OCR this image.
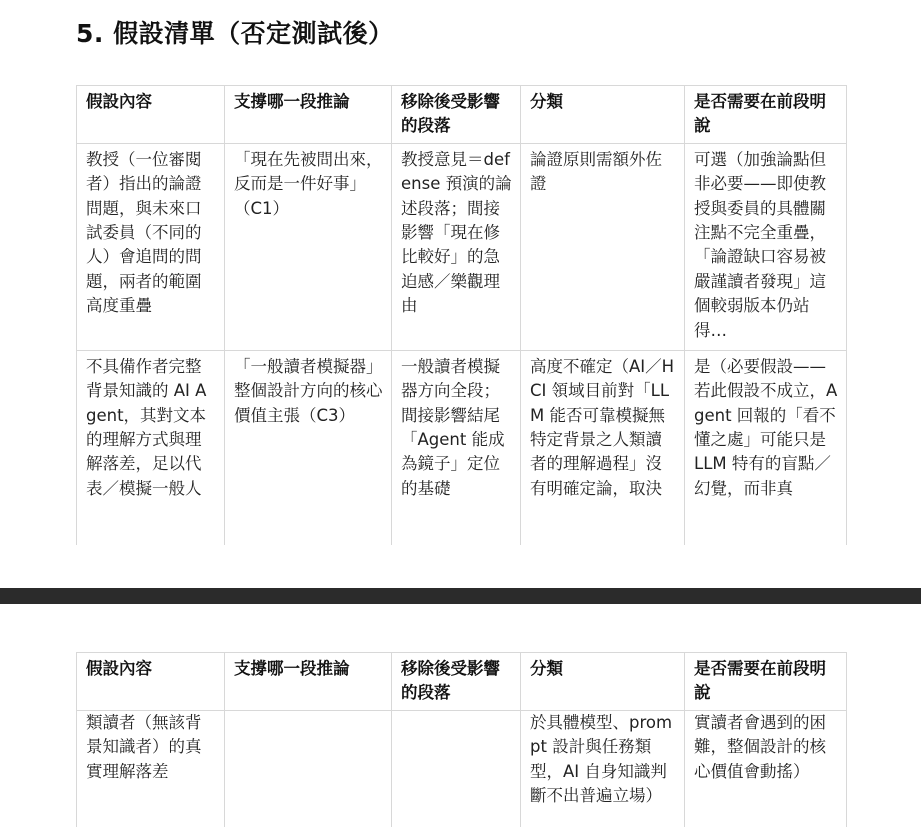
5. 假設清單（否定測試後）
假設內容	支撐哪一段推論	移除後受影響的段落	分類	是否需要在前段明說

教授（一位審閱者）指出的論證問題，與未來口試委員（不同的人）會追問的問題，兩者的範圍高度重疊	「現在先被問出來，反而是一件好事」（C1）	教授意見＝defense 預演的論述段落；間接影響「現在修比較好」的急迫感／樂觀理由	論證原則需額外佐證	可選（加強論點但非必要——即使教授與委員的具體關注點不完全重疊，「論證缺口容易被嚴謹讀者發現」這個較弱版本仍站得…

不具備作者完整背景知識的 AI Agent，其對文本的理解方式與理解落差，足以代表／模擬一般人	「一般讀者模擬器」整個設計方向的核心價值主張（C3）	一般讀者模擬器方向全段；間接影響結尾「Agent 能成為鏡子」定位的基礎	高度不確定（AI／HCI 領域目前對「LLM 能否可靠模擬無特定背景之人類讀者的理解過程」沒有明確定論，取決	是（必要假設——若此假設不成立，Agent 回報的「看不懂之處」可能只是 LLM 特有的盲點／幻覺，而非真
假設內容	支撐哪一段推論	移除後受影響的段落	分類	是否需要在前段明說

類讀者（無該背景知識者）的真實理解落差			於具體模型、prompt 設計與任務類型，AI 自身知識判斷不出普遍立場）	實讀者會遇到的困難，整個設計的核心價值會動搖）
